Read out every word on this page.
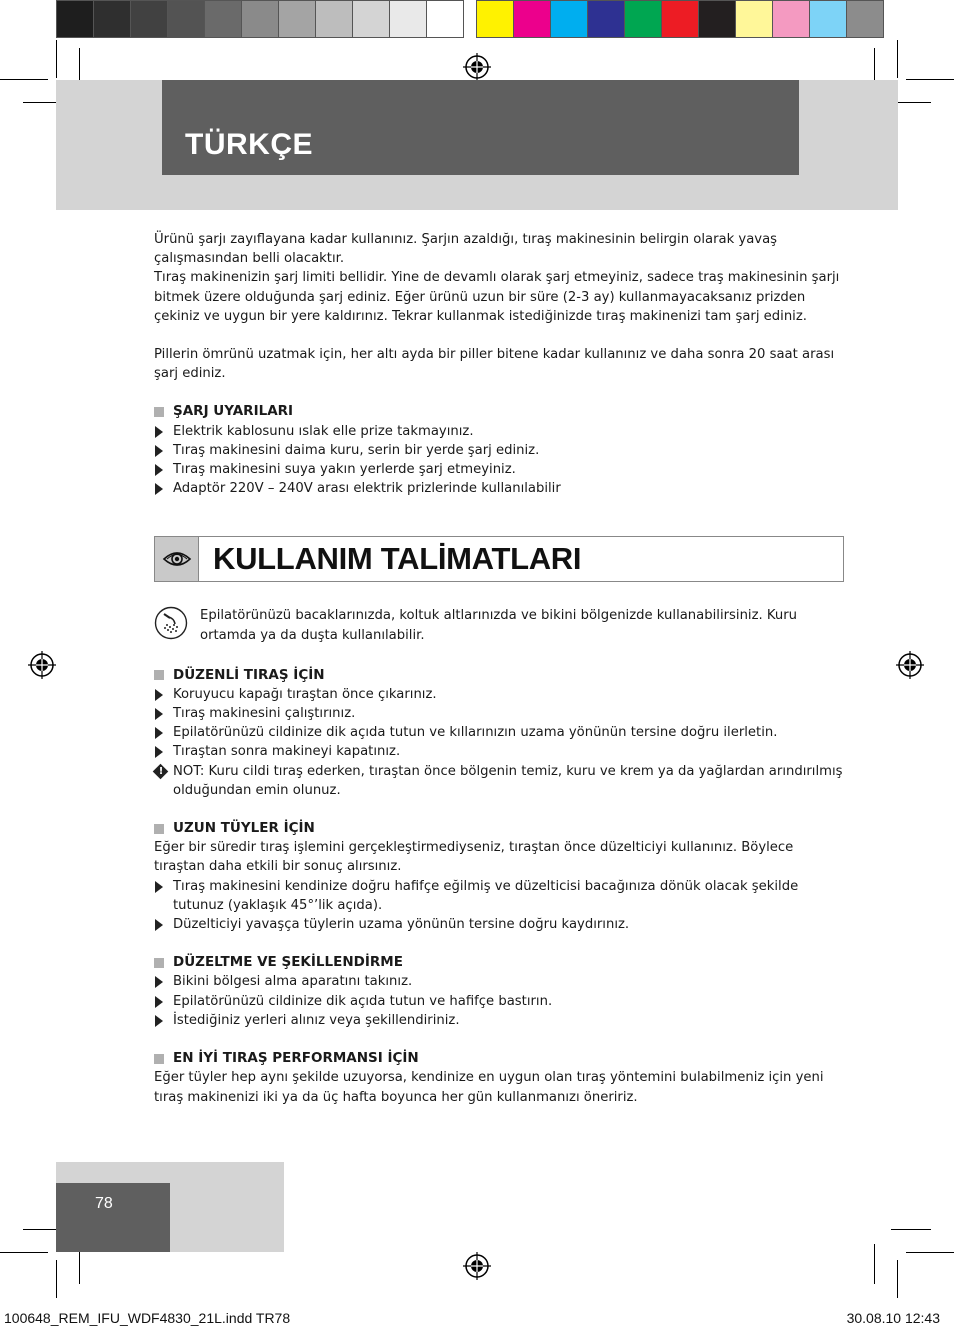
TÜRKÇE

Ürünü şarjı zayıflayana kadar kullanınız. Şarjın azaldığı, tıraş makinesinin belirgin olarak yavaş çalışmasından belli olacaktır.

Tıraş makinenizin şarj limiti bellidir. Yine de devamlı olarak şarj etmeyiniz, sadece traş makinesinin şarjı bitmek üzere olduğunda şarj ediniz. Eğer ürünü uzun bir süre (2-3 ay) kullanmayacaksanız prizden çekiniz ve uygun bir yere kaldırınız. Tekrar kullanmak istediğinizde tıraş makinenizi tam şarj ediniz.

Pillerin ömrünü uzatmak için, her altı ayda bir piller bitene kadar kullanınız ve daha sonra 20 saat arası şarj ediniz.

ŞARJ UYARILARI

Elektrik kablosunu ıslak elle prize takmayınız.
Tıraş makinesini daima kuru, serin bir yerde şarj ediniz.
Tıraş makinesini suya yakın yerlerde şarj etmeyiniz.
Adaptör 220V – 240V arası elektrik prizlerinde kullanılabilir
KULLANIM TALİMATLARI
Epilatörünüzü bacaklarınızda, koltuk altlarınızda ve bikini bölgenizde kullanabilirsiniz. Kuru ortamda ya da duşta kullanılabilir.

DÜZENLİ TIRAŞ İÇİN

Koruyucu kapağı tıraştan önce çıkarınız.
Tıraş makinesini çalıştırınız.
Epilatörünüzü cildinize dik açıda tutun ve kıllarınızın uzama yönünün tersine doğru ilerletin.
Tıraştan sonra makineyi kapatınız.
! NOT: Kuru cildi tıraş ederken, tıraştan önce bölgenin temiz, kuru ve krem ya da yağlardan arındırılmış olduğundan emin olunuz.

UZUN TÜYLER İÇİN

Eğer bir süredir tıraş işlemini gerçekleştirmediyseniz, tıraştan önce düzelticiyi kullanınız. Böylece tıraştan daha etkili bir sonuç alırsınız.

Tıraş makinesini kendinize doğru hafifçe eğilmiş ve düzelticisi bacağınıza dönük olacak şekilde tutunuz (yaklaşık 45°’lik açıda).
Düzelticiyi yavaşça tüylerin uzama yönünün tersine doğru kaydırınız.

DÜZELTME VE ŞEKİLLENDİRME

Bikini bölgesi alma aparatını takınız.
Epilatörünüzü cildinize dik açıda tutun ve hafifçe bastırın.
İstediğiniz yerleri alınız veya şekillendiriniz.

EN İYİ TIRAŞ PERFORMANSI İÇİN

Eğer tüyler hep aynı şekilde uzuyorsa, kendinize en uygun olan tıraş yöntemini bulabilmeniz için yeni tıraş makinenizi iki ya da üç hafta boyunca her gün kullanmanızı öneririz.

78
100648_REM_IFU_WDF4830_21L.indd TR78	30.08.10 12:43
